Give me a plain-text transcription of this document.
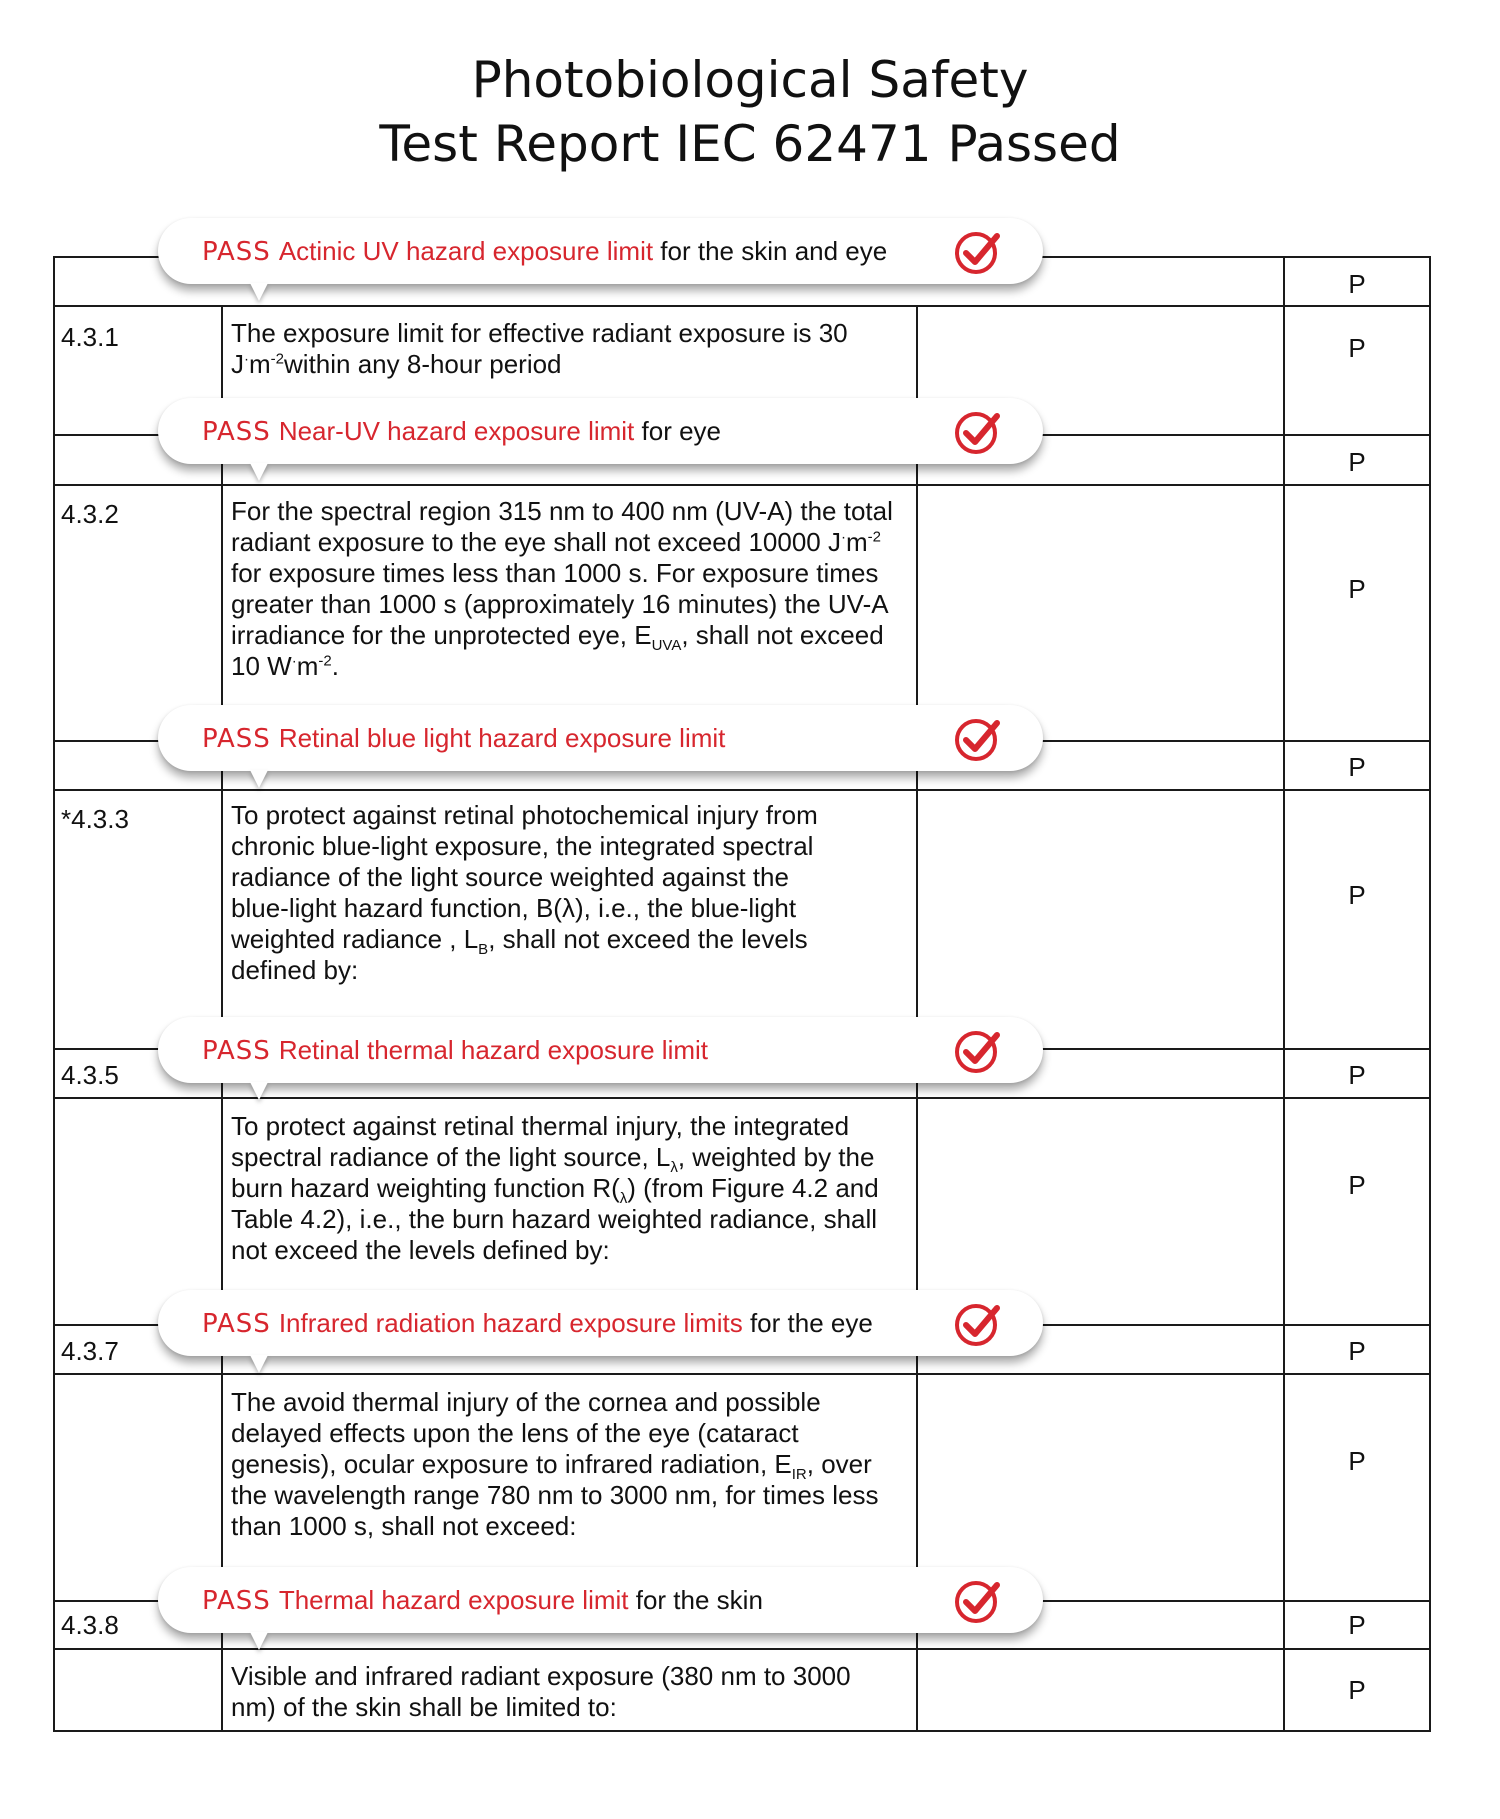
Photobiological Safety
Test Report IEC 62471 Passed
4.3.1
4.3.2
*4.3.3
4.3.5
4.3.7
4.3.8
The exposure limit for effective radiant exposure is 30
$J^\cdot m^{-2}within$ any 8-hour period
For the spectral region 315 nm to 400 nm (UV-A) the total
radiant exposure to the eye shall not exceed 10000 $J^\cdot m^{-2}$
for exposure times less than 1000 s. For exposure times
greater than 1000 s (approximately 16 minutes) the UV-A
irradiance for the unprotected eye, $E_{UVA}$, shall not exceed
10 $W^\cdot m^{-2}$.
To protect against retinal photochemical injury from
chronic blue-light exposure, the integrated spectral
radiance of the light source weighted against the
blue-light hazard function, B(λ), i.e., the blue-light
weighted radiance , $L_B$, shall not exceed the levels
defined by:
To protect against retinal thermal injury, the integrated
spectral radiance of the light source, $L_\lambda$, weighted by the
burn hazard weighting function $R(_\lambda)$ (from Figure 4.2 and
Table 4.2), i.e., the burn hazard weighted radiance, shall
not exceed the levels defined by:
The avoid thermal injury of the cornea and possible
delayed effects upon the lens of the eye (cataract
genesis), ocular exposure to infrared radiation, $E_{IR}$, over
the wavelength range 780 nm to 3000 nm, for times less
than 1000 s, shall not exceed:
Visible and infrared radiant exposure (380 nm to 3000
nm) of the skin shall be limited to:
P
P
P
P
P
P
P
P
P
P
P
P
PASS Actinic UV hazard exposure limit for the skin and eye
PASS Near-UV hazard exposure limit for eye
PASS Retinal blue light hazard exposure limit
PASS Retinal thermal hazard exposure limit
PASS Infrared radiation hazard exposure limits for the eye
PASS Thermal hazard exposure limit for the skin
